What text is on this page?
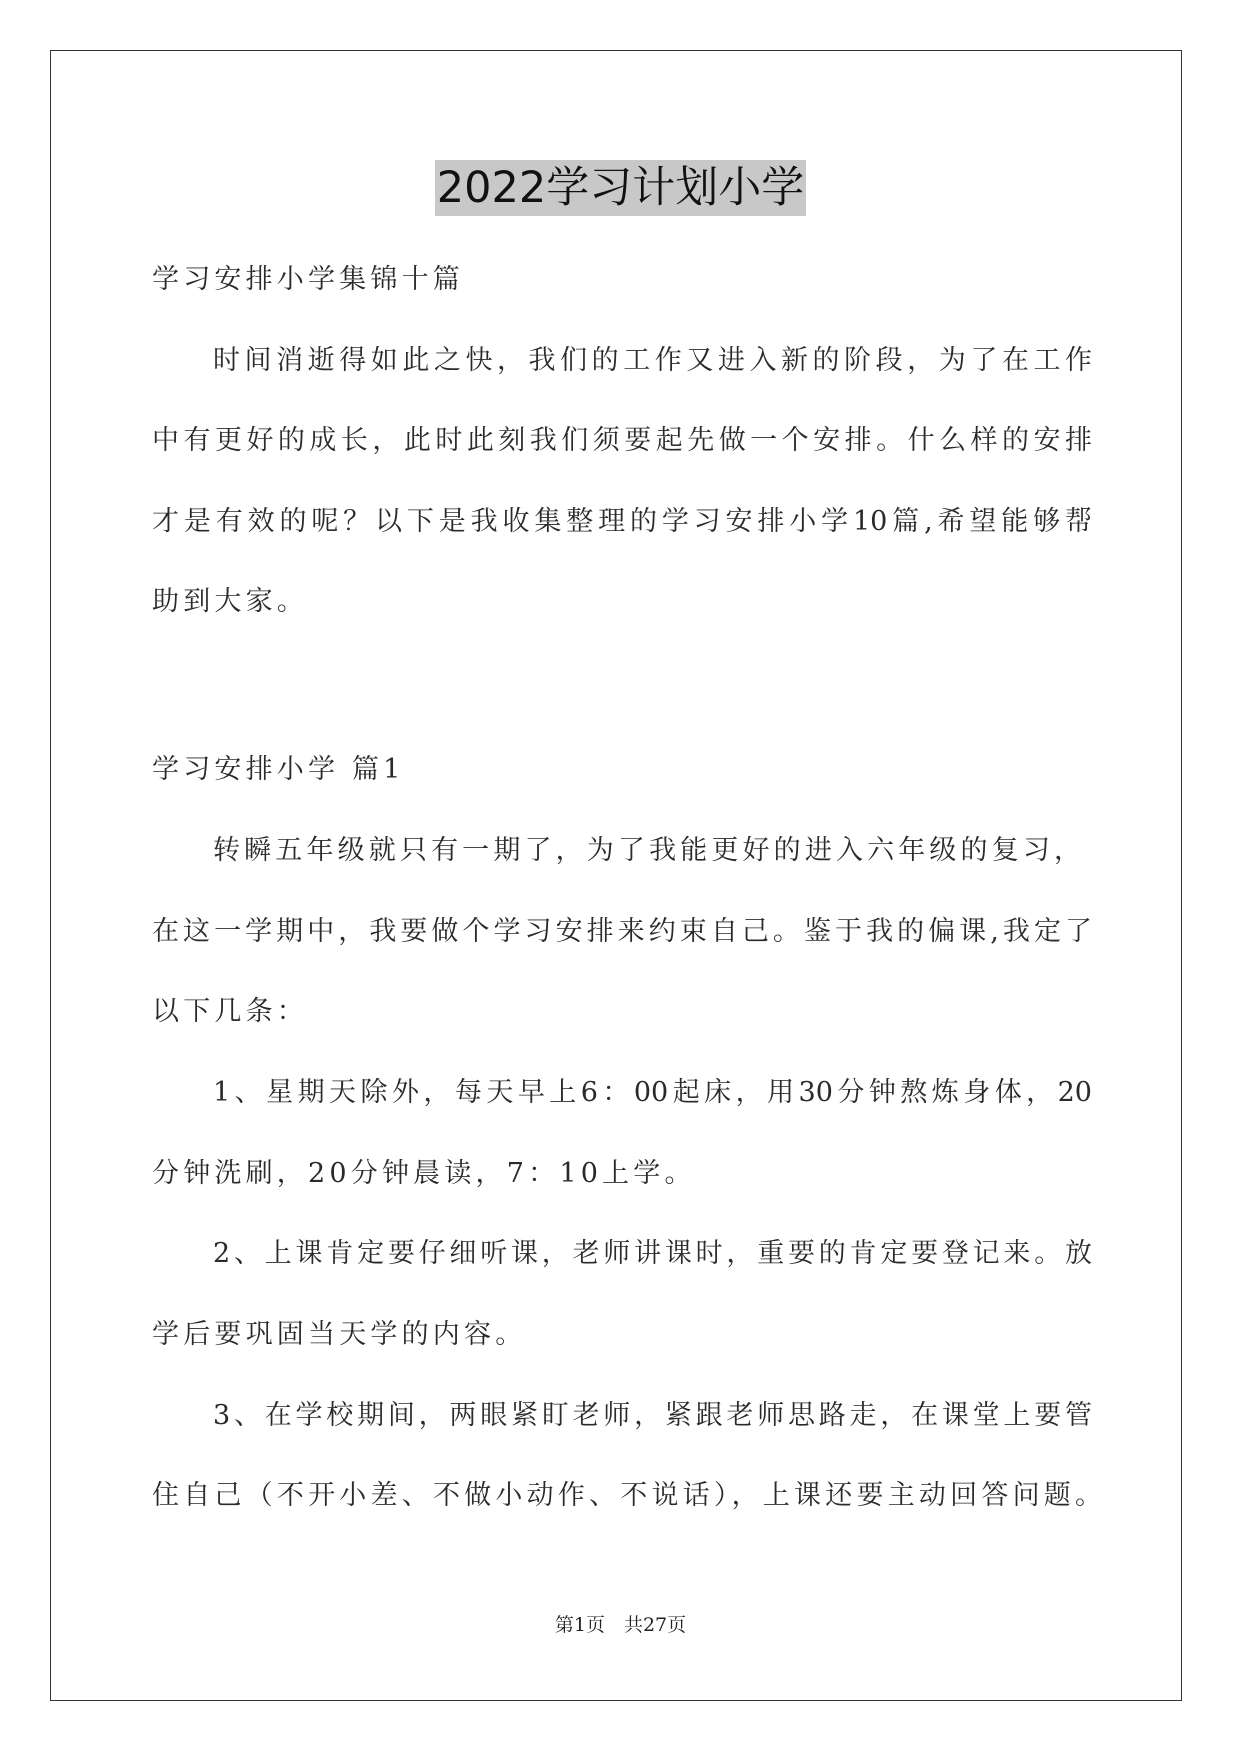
2022学习计划小学
学习安排小学集锦十篇
时间消逝得如此之快，我们的工作又进入新的阶段，为了在工作
中有更好的成长，此时此刻我们须要起先做一个安排。什么样的安排
才是有效的呢？以下是我收集整理的学习安排小学10篇,希望能够帮
助到大家。
学习安排小学 篇1
转瞬五年级就只有一期了，为了我能更好的进入六年级的复习，
在这一学期中，我要做个学习安排来约束自己。鉴于我的偏课,我定了
以下几条：
1、星期天除外，每天早上6：00起床，用30分钟熬炼身体，20
分钟洗刷，20分钟晨读，7：10上学。
2、上课肯定要仔细听课，老师讲课时，重要的肯定要登记来。放
学后要巩固当天学的内容。
3、在学校期间，两眼紧盯老师，紧跟老师思路走，在课堂上要管
住自己（不开小差、不做小动作、不说话），上课还要主动回答问题。
第1页　共27页
